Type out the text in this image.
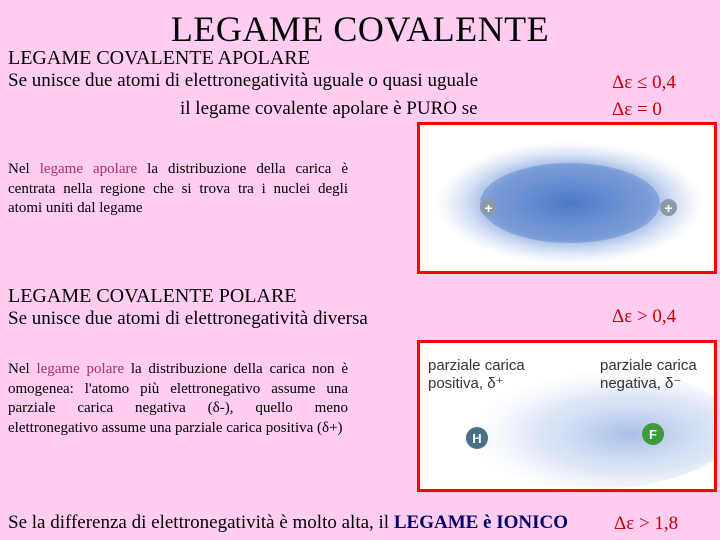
LEGAME COVALENTE
LEGAME COVALENTE APOLARE
Se unisce due atomi di elettronegatività uguale o quasi uguale
il legame covalente apolare è PURO se
Δε ≤ 0,4
Δε = 0
Nel legame apolare la distribuzione della carica è centrata nella regione che si trova tra i nuclei degli atomi uniti dal legame	+	+
LEGAME COVALENTE POLARE
Se unisce due atomi di elettronegatività diversa	Δε > 0,4
Nel legame polare la distribuzione della carica non è omogenea: l'atomo più elettronegativo assume una parziale carica negativa (δ-), quello meno elettronegativo assume una parziale carica positiva (δ+)
parziale carica
positiva, δ⁺
parziale carica
negativa, δ⁻
H	F
Se la differenza di elettronegatività è molto alta, il LEGAME è IONICO Δε > 1,8
